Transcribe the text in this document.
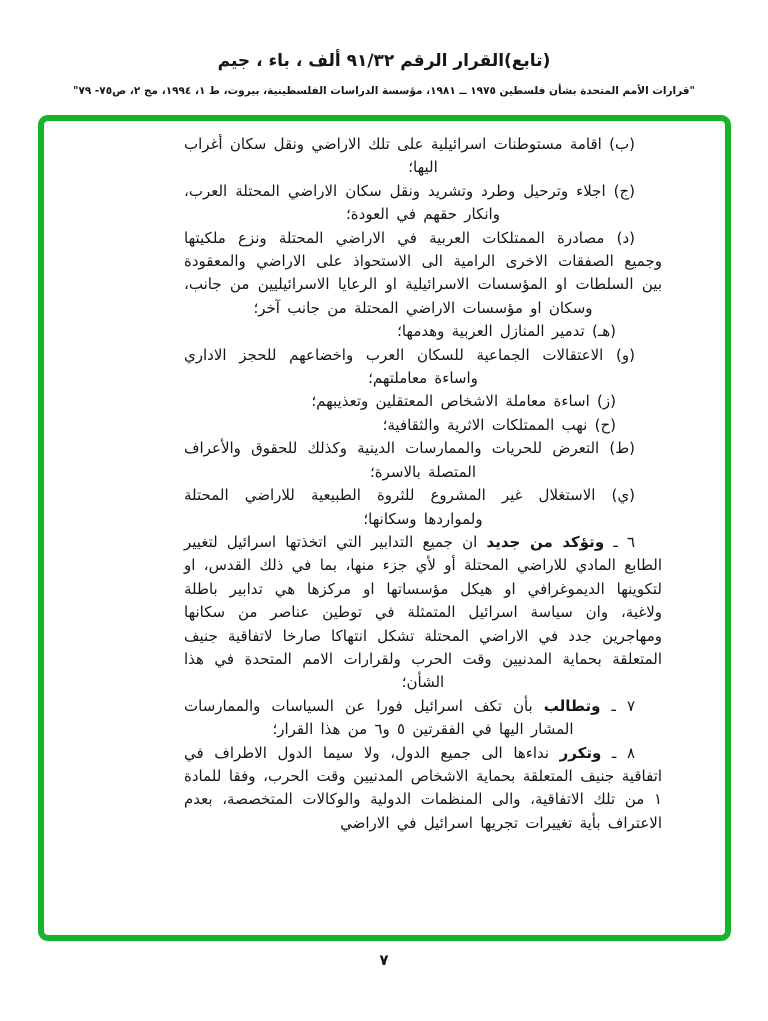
(تابع)القرار الرقم ٩١/٣٢ ألف ، باء ، جيم
"قرارات الأمم المتحدة بشأن فلسطين ١٩٧٥ ــ ١٩٨١، مؤسسة الدراسات الفلسطينية، بيروت، ط ١، ١٩٩٤، مج ٢، ص٧٥- ٧٩"

(ب) اقامة مستوطنات اسرائيلية على تلك الاراضي ونقل سكان أغراب اليها؛

(ج) اجلاء وترحيل وطرد وتشريد ونقل سكان الاراضي المحتلة العرب، وانكار حقهم في العودة؛

(د) مصادرة الممتلكات العربية في الاراضي المحتلة ونزع ملكيتها وجميع الصفقات الاخرى الرامية الى الاستحواذ على الاراضي والمعقودة بين السلطات او المؤسسات الاسرائيلية او الرعايا الاسرائيليين من جانب، وسكان او مؤسسات الاراضي المحتلة من جانب آخر؛

(هـ) تدمير المنازل العربية وهدمها؛

(و) الاعتقالات الجماعية للسكان العرب واخضاعهم للحجز الاداري واساءة معاملتهم؛

(ز) اساءة معاملة الاشخاص المعتقلين وتعذيبهم؛

(ح) نهب الممتلكات الاثرية والثقافية؛

(ط) التعرض للحريات والممارسات الدينية وكذلك للحقوق والأعراف المتصلة بالاسرة؛

(ي) الاستغلال غير المشروع للثروة الطبيعية للاراضي المحتلة ولمواردها وسكانها؛

٦ ـ وتؤكد من جديد ان جميع التدابير التي اتخذتها اسرائيل لتغيير الطابع المادي للاراضي المحتلة أو لأي جزء منها، بما في ذلك القدس، او لتكوينها الديموغرافي او هيكل مؤسساتها او مركزها هي تدابير باطلة ولاغية، وان سياسة اسرائيل المتمثلة في توطين عناصر من سكانها ومهاجرين جدد في الاراضي المحتلة تشكل انتهاكا صارخا لاتفاقية جنيف المتعلقة بحماية المدنيين وقت الحرب ولقرارات الامم المتحدة في هذا الشأن؛

٧ ـ وتطالب بأن تكف اسرائيل فورا عن السياسات والممارسات المشار اليها في الفقرتين ٥ و٦ من هذا القرار؛

٨ ـ وتكرر نداءها الى جميع الدول، ولا سيما الدول الاطراف في اتفاقية جنيف المتعلقة بحماية الاشخاص المدنيين وقت الحرب، وفقا للمادة ١ من تلك الاتفاقية، والى المنظمات الدولية والوكالات المتخصصة، بعدم الاعتراف بأية تغييرات تجريها اسرائيل في الاراضي

٧
